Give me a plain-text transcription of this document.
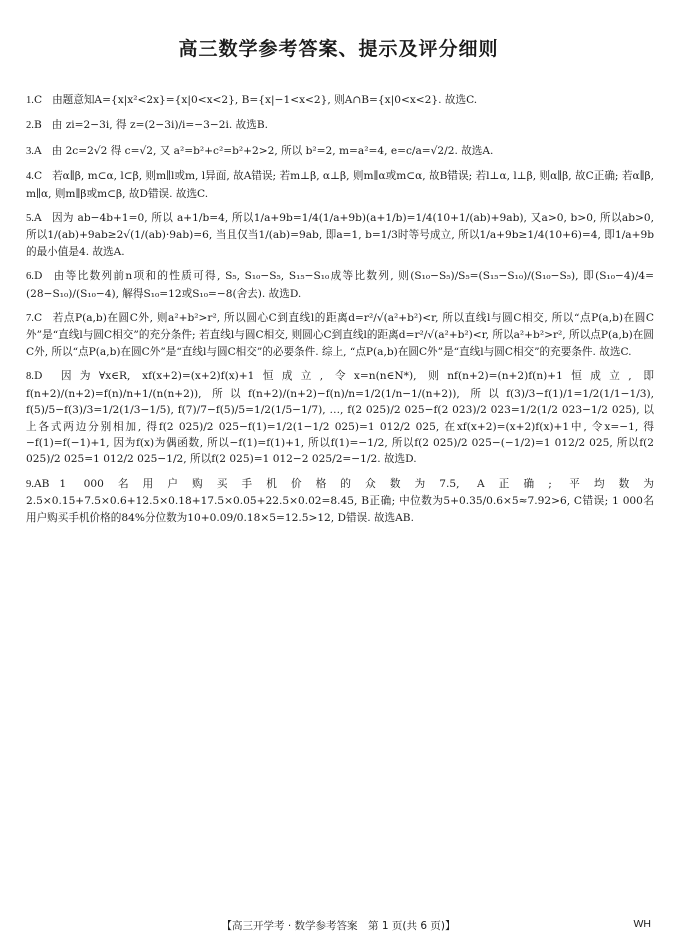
高三数学参考答案、提示及评分细则
1.C 由题意知A={x|x²<2x}={x|0<x<2}, B={x|−1<x<2}, 则A∩B={x|0<x<2}. 故选C.
2.B 由 zi=2−3i, 得 z=(2−3i)/i=−3−2i. 故选B.
3.A 由 2c=2√2 得 c=√2, 又 a²=b²+c²=b²+2>2, 所以 b²=2, m=a²=4, e=c/a=√2/2. 故选A.
4.C 若α∥β, m⊂α, l⊂β, 则m∥l或m, l异面, 故A错误; 若m⊥β, α⊥β, 则m∥α或m⊂α, 故B错误; 若l⊥α, l⊥β, 则α∥β, 故C正确; 若α∥β, m∥α, 则m∥β或m⊂β, 故D错误. 故选C.
5.A 因为 ab−4b+1=0, 所以 a+1/b=4, 所以1/a+9b=1/4(1/a+9b)(a+1/b)=1/4(10+1/(ab)+9ab), 又a>0, b>0, 所以ab>0, 所以1/(ab)+9ab≥2√(1/(ab)·9ab)=6, 当且仅当1/(ab)=9ab, 即a=1, b=1/3时等号成立, 所以1/a+9b≥1/4(10+6)=4, 即1/a+9b的最小值是4. 故选A.
6.D 由等比数列前n项和的性质可得, S₅, S₁₀−S₅, S₁₅−S₁₀成等比数列, 则(S₁₀−S₅)/S₅=(S₁₅−S₁₀)/(S₁₀−S₅), 即(S₁₀−4)/4=(28−S₁₀)/(S₁₀−4), 解得S₁₀=12或S₁₀=−8(舍去). 故选D.
7.C 若点P(a,b)在圆C外, 则a²+b²>r², 所以圆心C到直线l的距离d=r²/√(a²+b²)<r, 所以直线l与圆C相交, 所以“点P(a,b)在圆C外”是“直线l与圆C相交”的充分条件; 若直线l与圆C相交, 则圆心C到直线l的距离d=r²/√(a²+b²)<r, 所以a²+b²>r², 所以点P(a,b)在圆C外, 所以“点P(a,b)在圆C外”是“直线l与圆C相交”的必要条件. 综上, “点P(a,b)在圆C外”是“直线l与圆C相交”的充要条件. 故选C.
8.D 因为∀x∈R, xf(x+2)=(x+2)f(x)+1恒成立, 令x=n(n∈N*), 则nf(n+2)=(n+2)f(n)+1恒成立, 即f(n+2)/(n+2)=f(n)/n+1/(n(n+2)), 所以f(n+2)/(n+2)−f(n)/n=1/2(1/n−1/(n+2)), 所以f(3)/3−f(1)/1=1/2(1/1−1/3), f(5)/5−f(3)/3=1/2(1/3−1/5), f(7)/7−f(5)/5=1/2(1/5−1/7), …, f(2 025)/2 025−f(2 023)/2 023=1/2(1/2 023−1/2 025), 以上各式两边分别相加, 得f(2 025)/2 025−f(1)=1/2(1−1/2 025)=1 012/2 025, 在xf(x+2)=(x+2)f(x)+1中, 令x=−1, 得−f(1)=f(−1)+1, 因为f(x)为偶函数, 所以−f(1)=f(1)+1, 所以f(1)=−1/2, 所以f(2 025)/2 025−(−1/2)=1 012/2 025, 所以f(2 025)/2 025=1 012/2 025−1/2, 所以f(2 025)=1 012−2 025/2=−1/2. 故选D.
9.AB 1 000名用户购买手机价格的众数为7.5, A正确; 平均数为2.5×0.15+7.5×0.6+12.5×0.18+17.5×0.05+22.5×0.02=8.45, B正确; 中位数为5+0.35/0.6×5≈7.92>6, C错误; 1 000名用户购买手机价格的84%分位数为10+0.09/0.18×5=12.5>12, D错误. 故选AB.
【高三开学考 · 数学参考答案　第 1 页(共 6 页)】	WH
